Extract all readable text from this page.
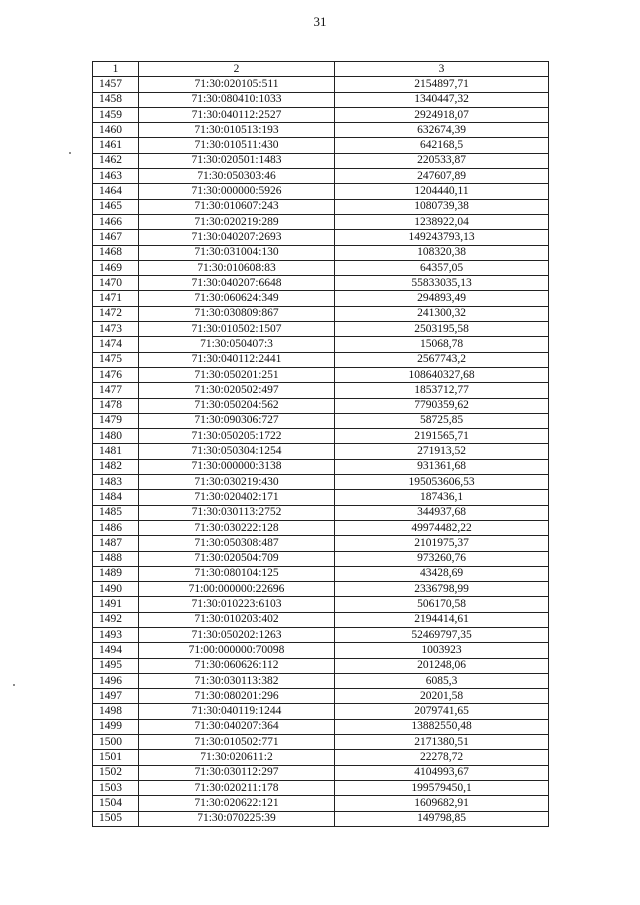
31
1	2	3
1457	71:30:020105:511	2154897,71
1458	71:30:080410:1033	1340447,32
1459	71:30:040112:2527	2924918,07
1460	71:30:010513:193	632674,39
1461	71:30:010511:430	642168,5
1462	71:30:020501:1483	220533,87
1463	71:30:050303:46	247607,89
1464	71:30:000000:5926	1204440,11
1465	71:30:010607:243	1080739,38
1466	71:30:020219:289	1238922,04
1467	71:30:040207:2693	149243793,13
1468	71:30:031004:130	108320,38
1469	71:30:010608:83	64357,05
1470	71:30:040207:6648	55833035,13
1471	71:30:060624:349	294893,49
1472	71:30:030809:867	241300,32
1473	71:30:010502:1507	2503195,58
1474	71:30:050407:3	15068,78
1475	71:30:040112:2441	2567743,2
1476	71:30:050201:251	108640327,68
1477	71:30:020502:497	1853712,77
1478	71:30:050204:562	7790359,62
1479	71:30:090306:727	58725,85
1480	71:30:050205:1722	2191565,71
1481	71:30:050304:1254	271913,52
1482	71:30:000000:3138	931361,68
1483	71:30:030219:430	195053606,53
1484	71:30:020402:171	187436,1
1485	71:30:030113:2752	344937,68
1486	71:30:030222:128	49974482,22
1487	71:30:050308:487	2101975,37
1488	71:30:020504:709	973260,76
1489	71:30:080104:125	43428,69
1490	71:00:000000:22696	2336798,99
1491	71:30:010223:6103	506170,58
1492	71:30:010203:402	2194414,61
1493	71:30:050202:1263	52469797,35
1494	71:00:000000:70098	1003923
1495	71:30:060626:112	201248,06
1496	71:30:030113:382	6085,3
1497	71:30:080201:296	20201,58
1498	71:30:040119:1244	2079741,65
1499	71:30:040207:364	13882550,48
1500	71:30:010502:771	2171380,51
1501	71:30:020611:2	22278,72
1502	71:30:030112:297	4104993,67
1503	71:30:020211:178	199579450,1
1504	71:30:020622:121	1609682,91
1505	71:30:070225:39	149798,85
